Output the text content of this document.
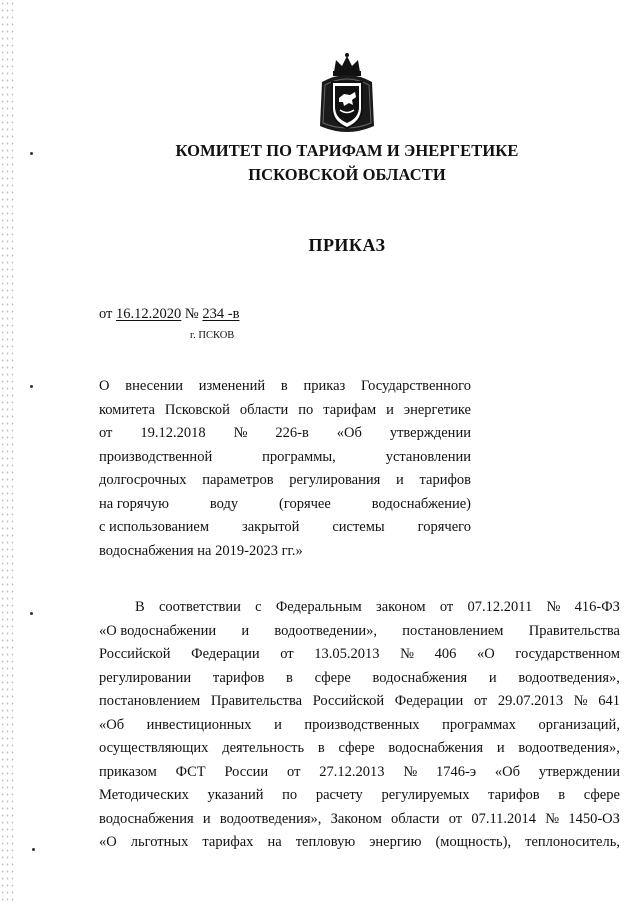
КОМИТЕТ ПО ТАРИФАМ И ЭНЕРГЕТИКЕ
ПСКОВСКОЙ ОБЛАСТИ
ПРИКАЗ
от 16.12.2020 № 234 -в
г. ПСКОВ
О внесении изменений в приказ Государственного
комитета Псковской области по тарифам и энергетике
от 19.12.2018 № 226-в «Об утверждении
производственной	программы,	установлении
долгосрочных параметров регулирования и тарифов
на горячую	воду	(горячее	водоснабжение)
с использованием закрытой системы горячего
водоснабжения на 2019-2023 гг.»
В соответствии с Федеральным законом от 07.12.2011 № 416-ФЗ
«О водоснабжении и водоотведении», постановлением Правительства
Российской Федерации от 13.05.2013 № 406 «О государственном
регулировании тарифов в сфере водоснабжения и водоотведения»,
постановлением Правительства Российской Федерации от 29.07.2013 № 641
«Об инвестиционных и производственных программах организаций,
осуществляющих деятельность в сфере водоснабжения и водоотведения»,
приказом ФСТ России от 27.12.2013 № 1746-э «Об утверждении
Методических указаний по расчету регулируемых тарифов в сфере
водоснабжения и водоотведения», Законом области от 07.11.2014 № 1450-ОЗ
«О льготных тарифах на тепловую энергию (мощность), теплоноситель,
